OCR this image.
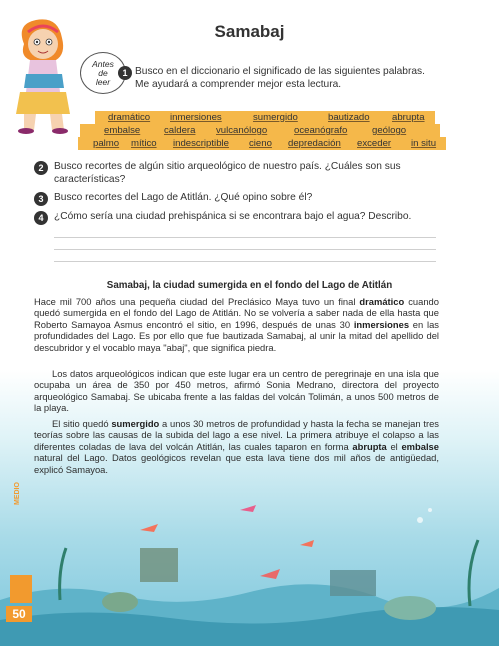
Samabaj
Antes
de
leer
1 Busco en el diccionario el significado de las siguientes palabras.
Me ayudará a comprender mejor esta lectura.
dramático inmersiones	sumergido	bautizado abrupta
embalse caldera vulcanólogo	oceanógrafo	geólogo
palmo mítico indescriptible cieno depredación exceder in situ
2	Busco recortes de algún sitio arqueológico de nuestro país. ¿Cuáles son sus
características?
3	Busco recortes del Lago de Atitlán. ¿Qué opino sobre él?
4	¿Cómo sería una ciudad prehispánica si se encontrara bajo el agua? Describo.
Samabaj, la ciudad sumergida en el fondo del Lago de Atitlán
Hace mil 700 años una pequeña ciudad del Preclásico Maya tuvo un final dramático cuando quedó sumergida en el fondo del Lago de Atitlán. No se volvería a saber nada de ella hasta que Roberto Samayoa Asmus encontró el sitio, en 1996, después de unas 30 inmersiones en las profundidades del Lago. Es por ello que fue bautizada Samabaj, al unir la mitad del apellido del descubridor y el vocablo maya "abaj", que significa piedra.
Los datos arqueológicos indican que este lugar era un centro de peregrinaje en una isla que ocupaba un área de 350 por 450 metros, afirmó Sonia Medrano, directora del proyecto arqueológico Samabaj. Se ubicaba frente a las faldas del volcán Tolimán, a unos 500 metros de la playa.
El sitio quedó sumergido a unos 30 metros de profundidad y hasta la fecha se manejan tres teorías sobre las causas de la subida del lago a ese nivel. La primera atribuye el colapso a las diferentes coladas de lava del volcán Atitlán, las cuales taparon en forma abrupta el embalse natural del Lago. Datos geológicos revelan que esta lava tiene dos mil años de antigüedad, explicó Samayoa.
MEDIO
50
